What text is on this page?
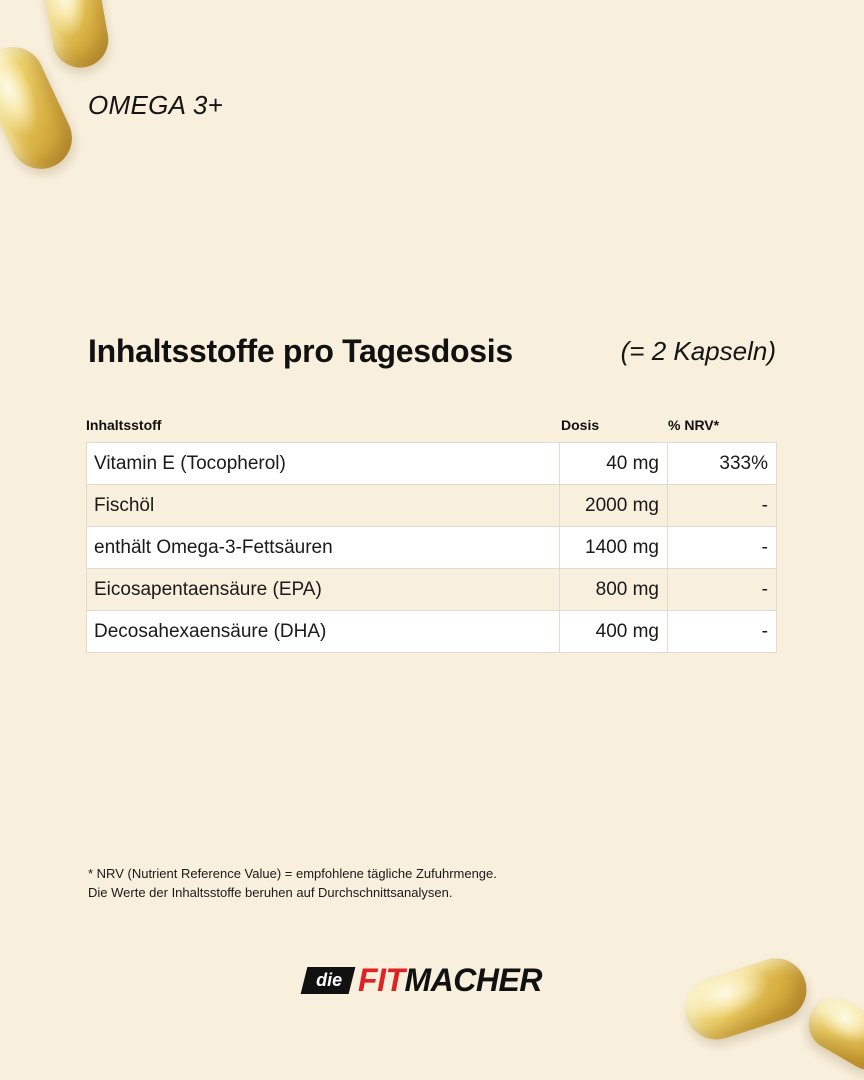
OMEGA 3+
Inhaltsstoffe pro Tagesdosis	(= 2 Kapseln)
Inhaltsstoff	Dosis	% NRV*
Vitamin E (Tocopherol)	40 mg	333%
Fischöl	2000 mg	-
enthält Omega-3-Fettsäuren	1400 mg	-
Eicosapentaensäure (EPA)	800 mg	-
Decosahexaensäure (DHA)	400 mg	-
* NRV (Nutrient Reference Value) = empfohlene tägliche Zufuhrmenge.
Die Werte der Inhaltsstoffe beruhen auf Durchschnittsanalysen.
die FIT MACHER
